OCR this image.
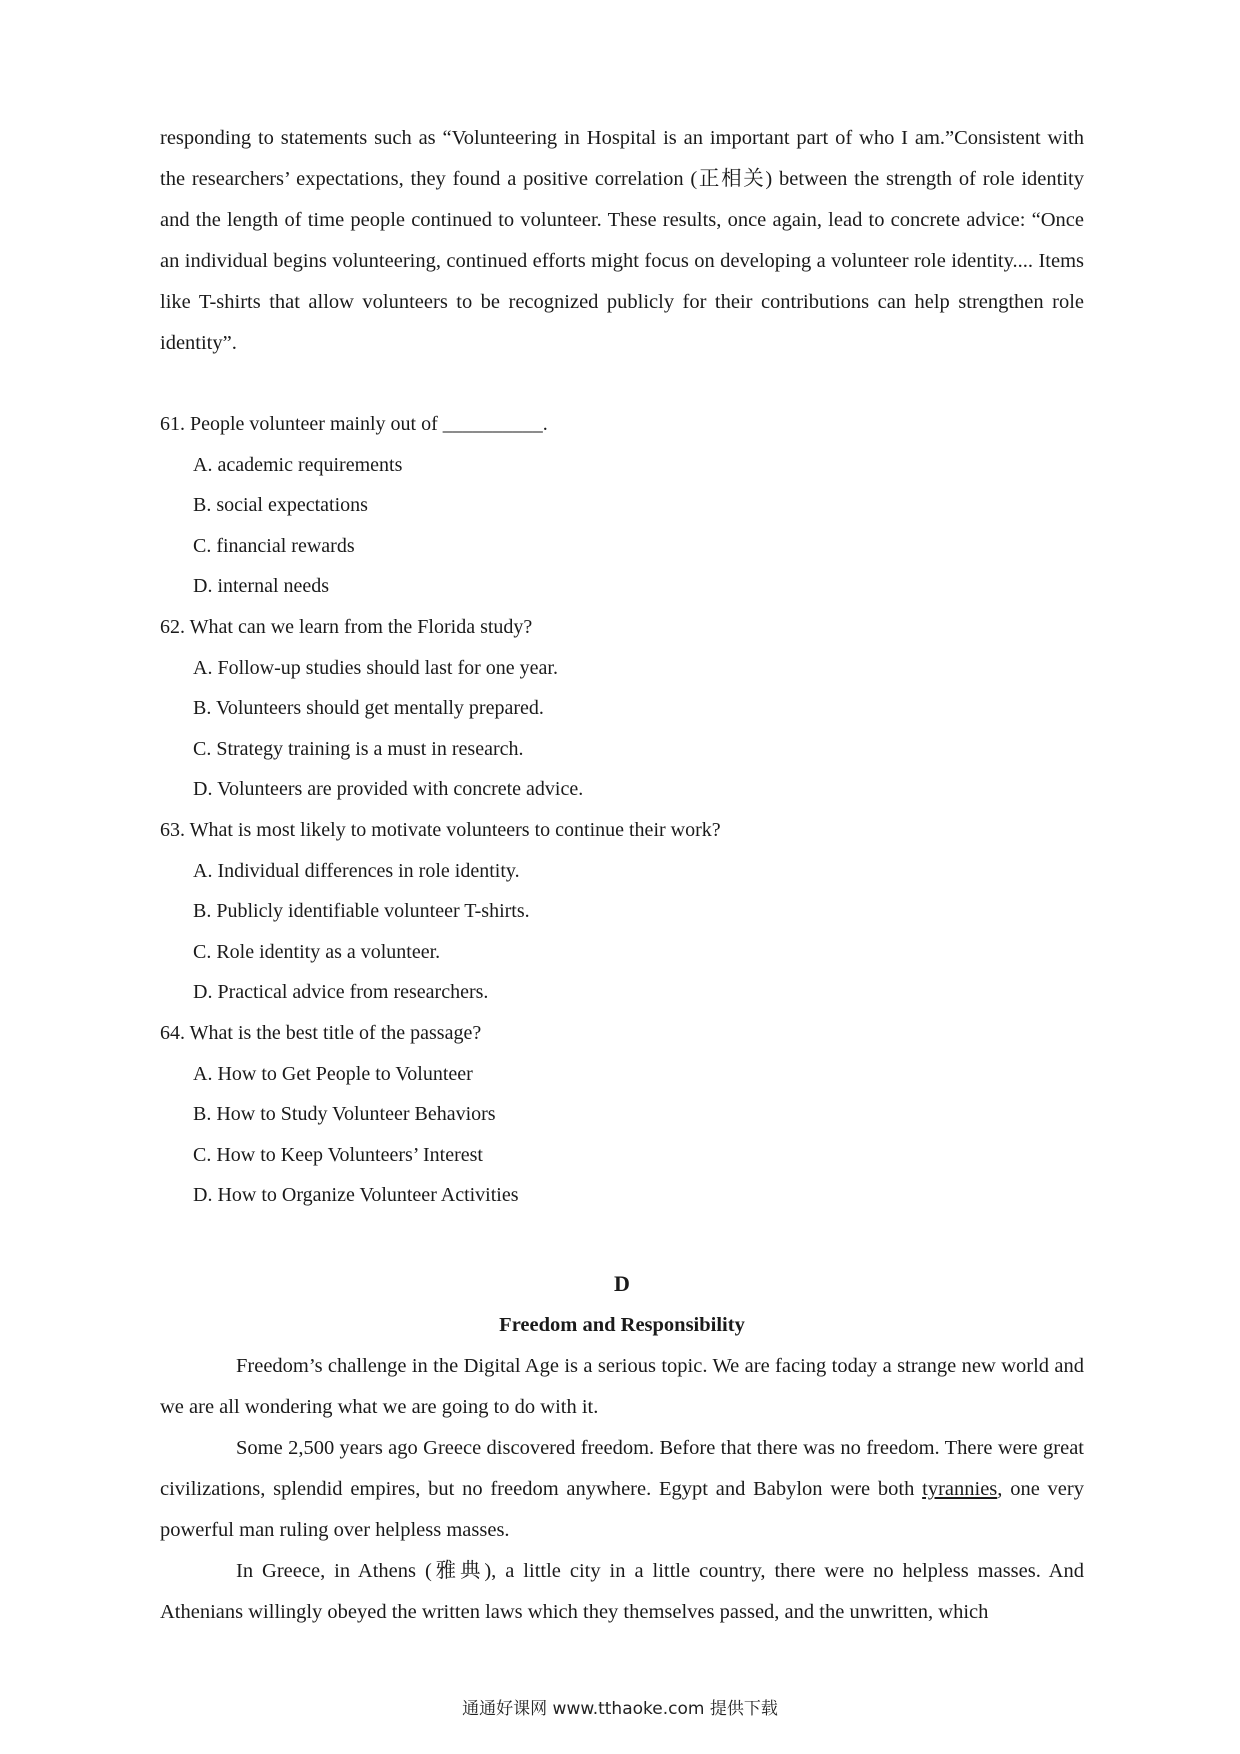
responding to statements such as “Volunteering in Hospital is an important part of who I am.”Consistent with the researchers’ expectations, they found a positive correlation (正相关) between the strength of role identity and the length of time people continued to volunteer. These results, once again, lead to concrete advice: “Once an individual begins volunteering, continued efforts might focus on developing a volunteer role identity.... Items like T-shirts that allow volunteers to be recognized publicly for their contributions can help strengthen role identity”.

61. People volunteer mainly out of __________.

A. academic requirements

B. social expectations

C. financial rewards

D. internal needs

62. What can we learn from the Florida study?

A. Follow-up studies should last for one year.

B. Volunteers should get mentally prepared.

C. Strategy training is a must in research.

D. Volunteers are provided with concrete advice.

63. What is most likely to motivate volunteers to continue their work?

A. Individual differences in role identity.

B. Publicly identifiable volunteer T-shirts.

C. Role identity as a volunteer.

D. Practical advice from researchers.

64. What is the best title of the passage?

A. How to Get People to Volunteer

B. How to Study Volunteer Behaviors

C. How to Keep Volunteers’ Interest

D. How to Organize Volunteer Activities

D

Freedom and Responsibility

Freedom’s challenge in the Digital Age is a serious topic. We are facing today a strange new world and we are all wondering what we are going to do with it.

Some 2,500 years ago Greece discovered freedom. Before that there was no freedom. There were great civilizations, splendid empires, but no freedom anywhere. Egypt and Babylon were both tyrannies, one very powerful man ruling over helpless masses.

In Greece, in Athens (雅典), a little city in a little country, there were no helpless masses. And Athenians willingly obeyed the written laws which they themselves passed, and the unwritten, which

通通好课网 www.tthaoke.com 提供下载
